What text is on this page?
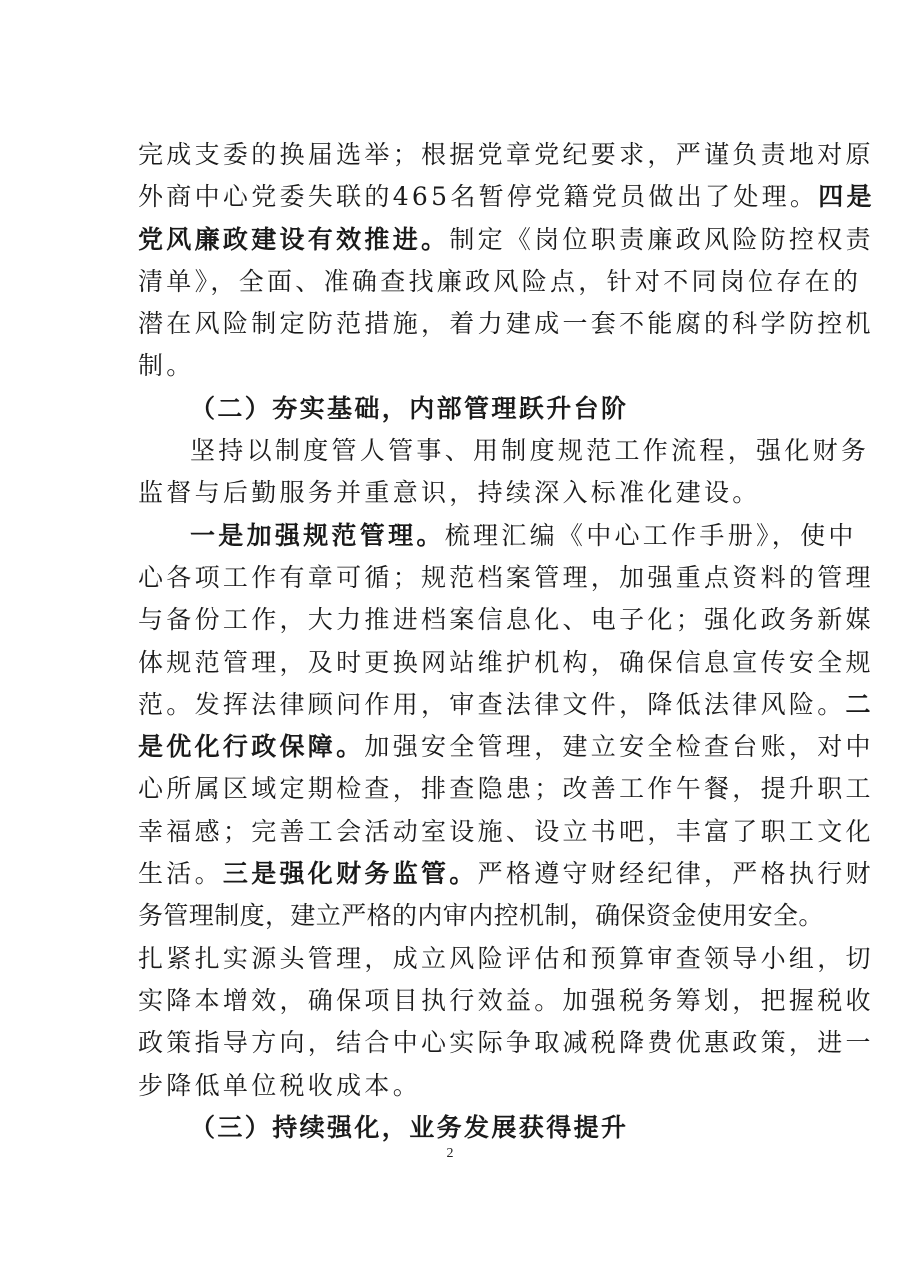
完成支委的换届选举；根据党章党纪要求，严谨负责地对原
外商中心党委失联的465名暂停党籍党员做出了处理。四是
党风廉政建设有效推进。制定《岗位职责廉政风险防控权责
清单》，全面、准确查找廉政风险点，针对不同岗位存在的
潜在风险制定防范措施，着力建成一套不能腐的科学防控机
制。
（二）夯实基础，内部管理跃升台阶
坚持以制度管人管事、用制度规范工作流程，强化财务
监督与后勤服务并重意识，持续深入标准化建设。
一是加强规范管理。梳理汇编《中心工作手册》，使中
心各项工作有章可循；规范档案管理，加强重点资料的管理
与备份工作，大力推进档案信息化、电子化；强化政务新媒
体规范管理，及时更换网站维护机构，确保信息宣传安全规
范。发挥法律顾问作用，审查法律文件，降低法律风险。二
是优化行政保障。加强安全管理，建立安全检查台账，对中
心所属区域定期检查，排查隐患；改善工作午餐，提升职工
幸福感；完善工会活动室设施、设立书吧，丰富了职工文化
生活。三是强化财务监管。严格遵守财经纪律，严格执行财
务管理制度，建立严格的内审内控机制，确保资金使用安全。
扎紧扎实源头管理，成立风险评估和预算审查领导小组，切
实降本增效，确保项目执行效益。加强税务筹划，把握税收
政策指导方向，结合中心实际争取减税降费优惠政策，进一
步降低单位税收成本。
（三）持续强化，业务发展获得提升
2
